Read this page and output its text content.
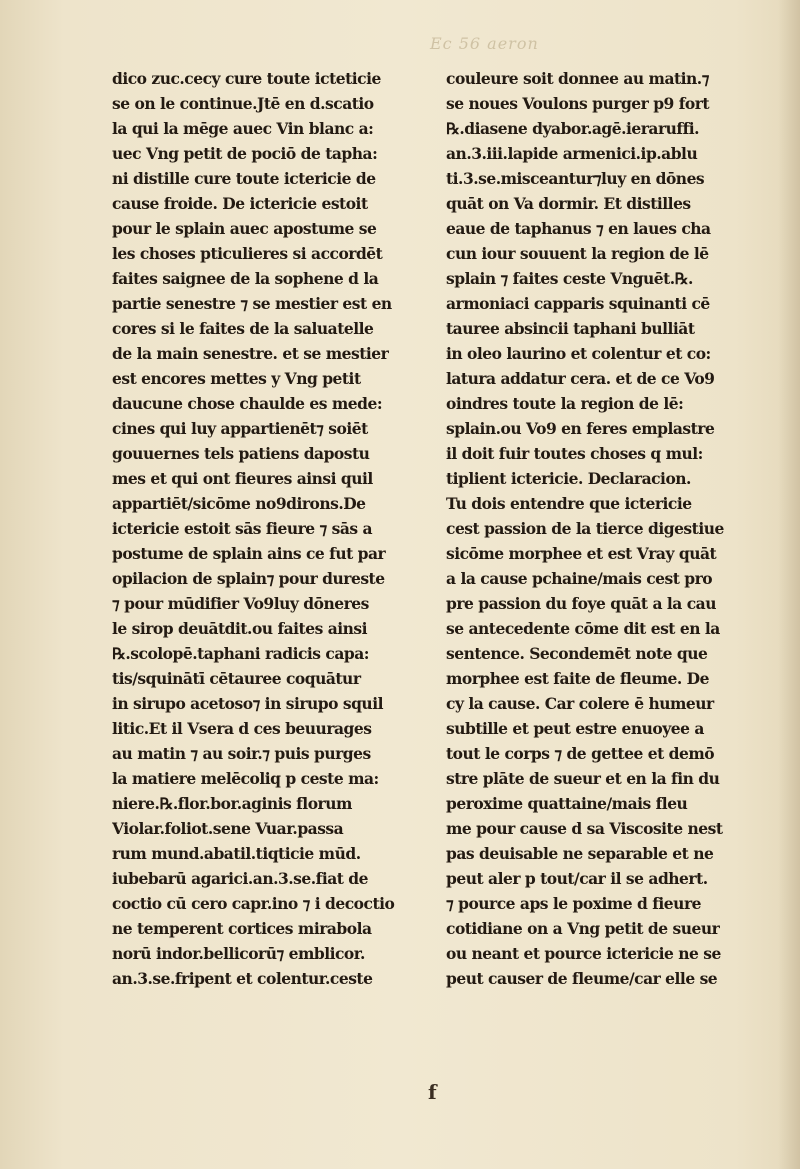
Ec 56 aeron
dico zuc.cecy cure toute icteticie
se on le continue.Jtē en d.scatio
la qui la mēge auec Vin blanc a:
uec Vng petit de pociō de tapha:
ni distille cure toute ictericie de
cause froide. De ictericie estoit
pour le splain auec apostume se
les choses pticulieres si accordēt
faites saignee de la sophene d la
partie senestre ⁊ se mestier est en
cores si le faites de la saluatelle
de la main senestre. et se mestier
est encores mettes y Vng petit
daucune chose chaulde es mede:
cines qui luy appartienēt⁊ soiēt
gouuernes tels patiens dapostu
mes et qui ont fieures ainsi quil
appartiēt/sicōme no9dirons.De
ictericie estoit sās fieure ⁊ sās a
postume de splain ains ce fut par
opilacion de splain⁊ pour dureste
⁊ pour mūdifier Vo9luy dōneres
le sirop deuātdit.ou faites ainsi
℞.scolopē.taphani radicis capa:
tis/squinātī cētauree coquātur
in sirupo acetoso⁊ in sirupo squil
litic.Et il Vsera d ces beuurages
au matin ⁊ au soir.⁊ puis purges
la matiere melēcoliq p ceste ma:
niere.℞.flor.bor.aginis florum
Violar.foliot.sene Vuar.passa
rum mund.abatil.tiqticie mūd.
iubebarū agarici.an.3.se.fiat de
coctio cū cero capr.ino ⁊ i decoctio
ne temperent cortices mirabola
norū indor.bellicorū⁊ emblicor.
an.3.se.fripent et colentur.ceste
couleure soit donnee au matin.⁊
se noues Voulons purger p9 fort
℞.diasene dyabor.agē.ieraruffi.
an.3.iii.lapide armenici.ip.ablu
ti.3.se.misceantur⁊luy en dōnes
quāt on Va dormir. Et distilles
eaue de taphanus ⁊ en laues cha
cun iour souuent la region de lē
splain ⁊ faites ceste Vnguēt.℞.
armoniaci capparis squinanti cē
tauree absincii taphani bulliāt
in oleo laurino et colentur et co:
latura addatur cera. et de ce Vo9
oindres toute la region de lē:
splain.ou Vo9 en feres emplastre
il doit fuir toutes choses q mul:
tiplient ictericie. Declaracion.
Tu dois entendre que ictericie
cest passion de la tierce digestiue
sicōme morphee et est Vray quāt
a la cause pchaine/mais cest pro
pre passion du foye quāt a la cau
se antecedente cōme dit est en la
sentence. Secondemēt note que
morphee est faite de fleume. De
cy la cause. Car colere ē humeur
subtille et peut estre enuoyee a
tout le corps ⁊ de gettee et demō
stre plāte de sueur et en la fin du
peroxime quattaine/mais fleu
me pour cause d sa Viscosite nest
pas deuisable ne separable et ne
peut aler p tout/car il se adhert.
⁊ pource aps le poxime d fieure
cotidiane on a Vng petit de sueur
ou neant et pource ictericie ne se
peut causer de fleume/car elle se
f
